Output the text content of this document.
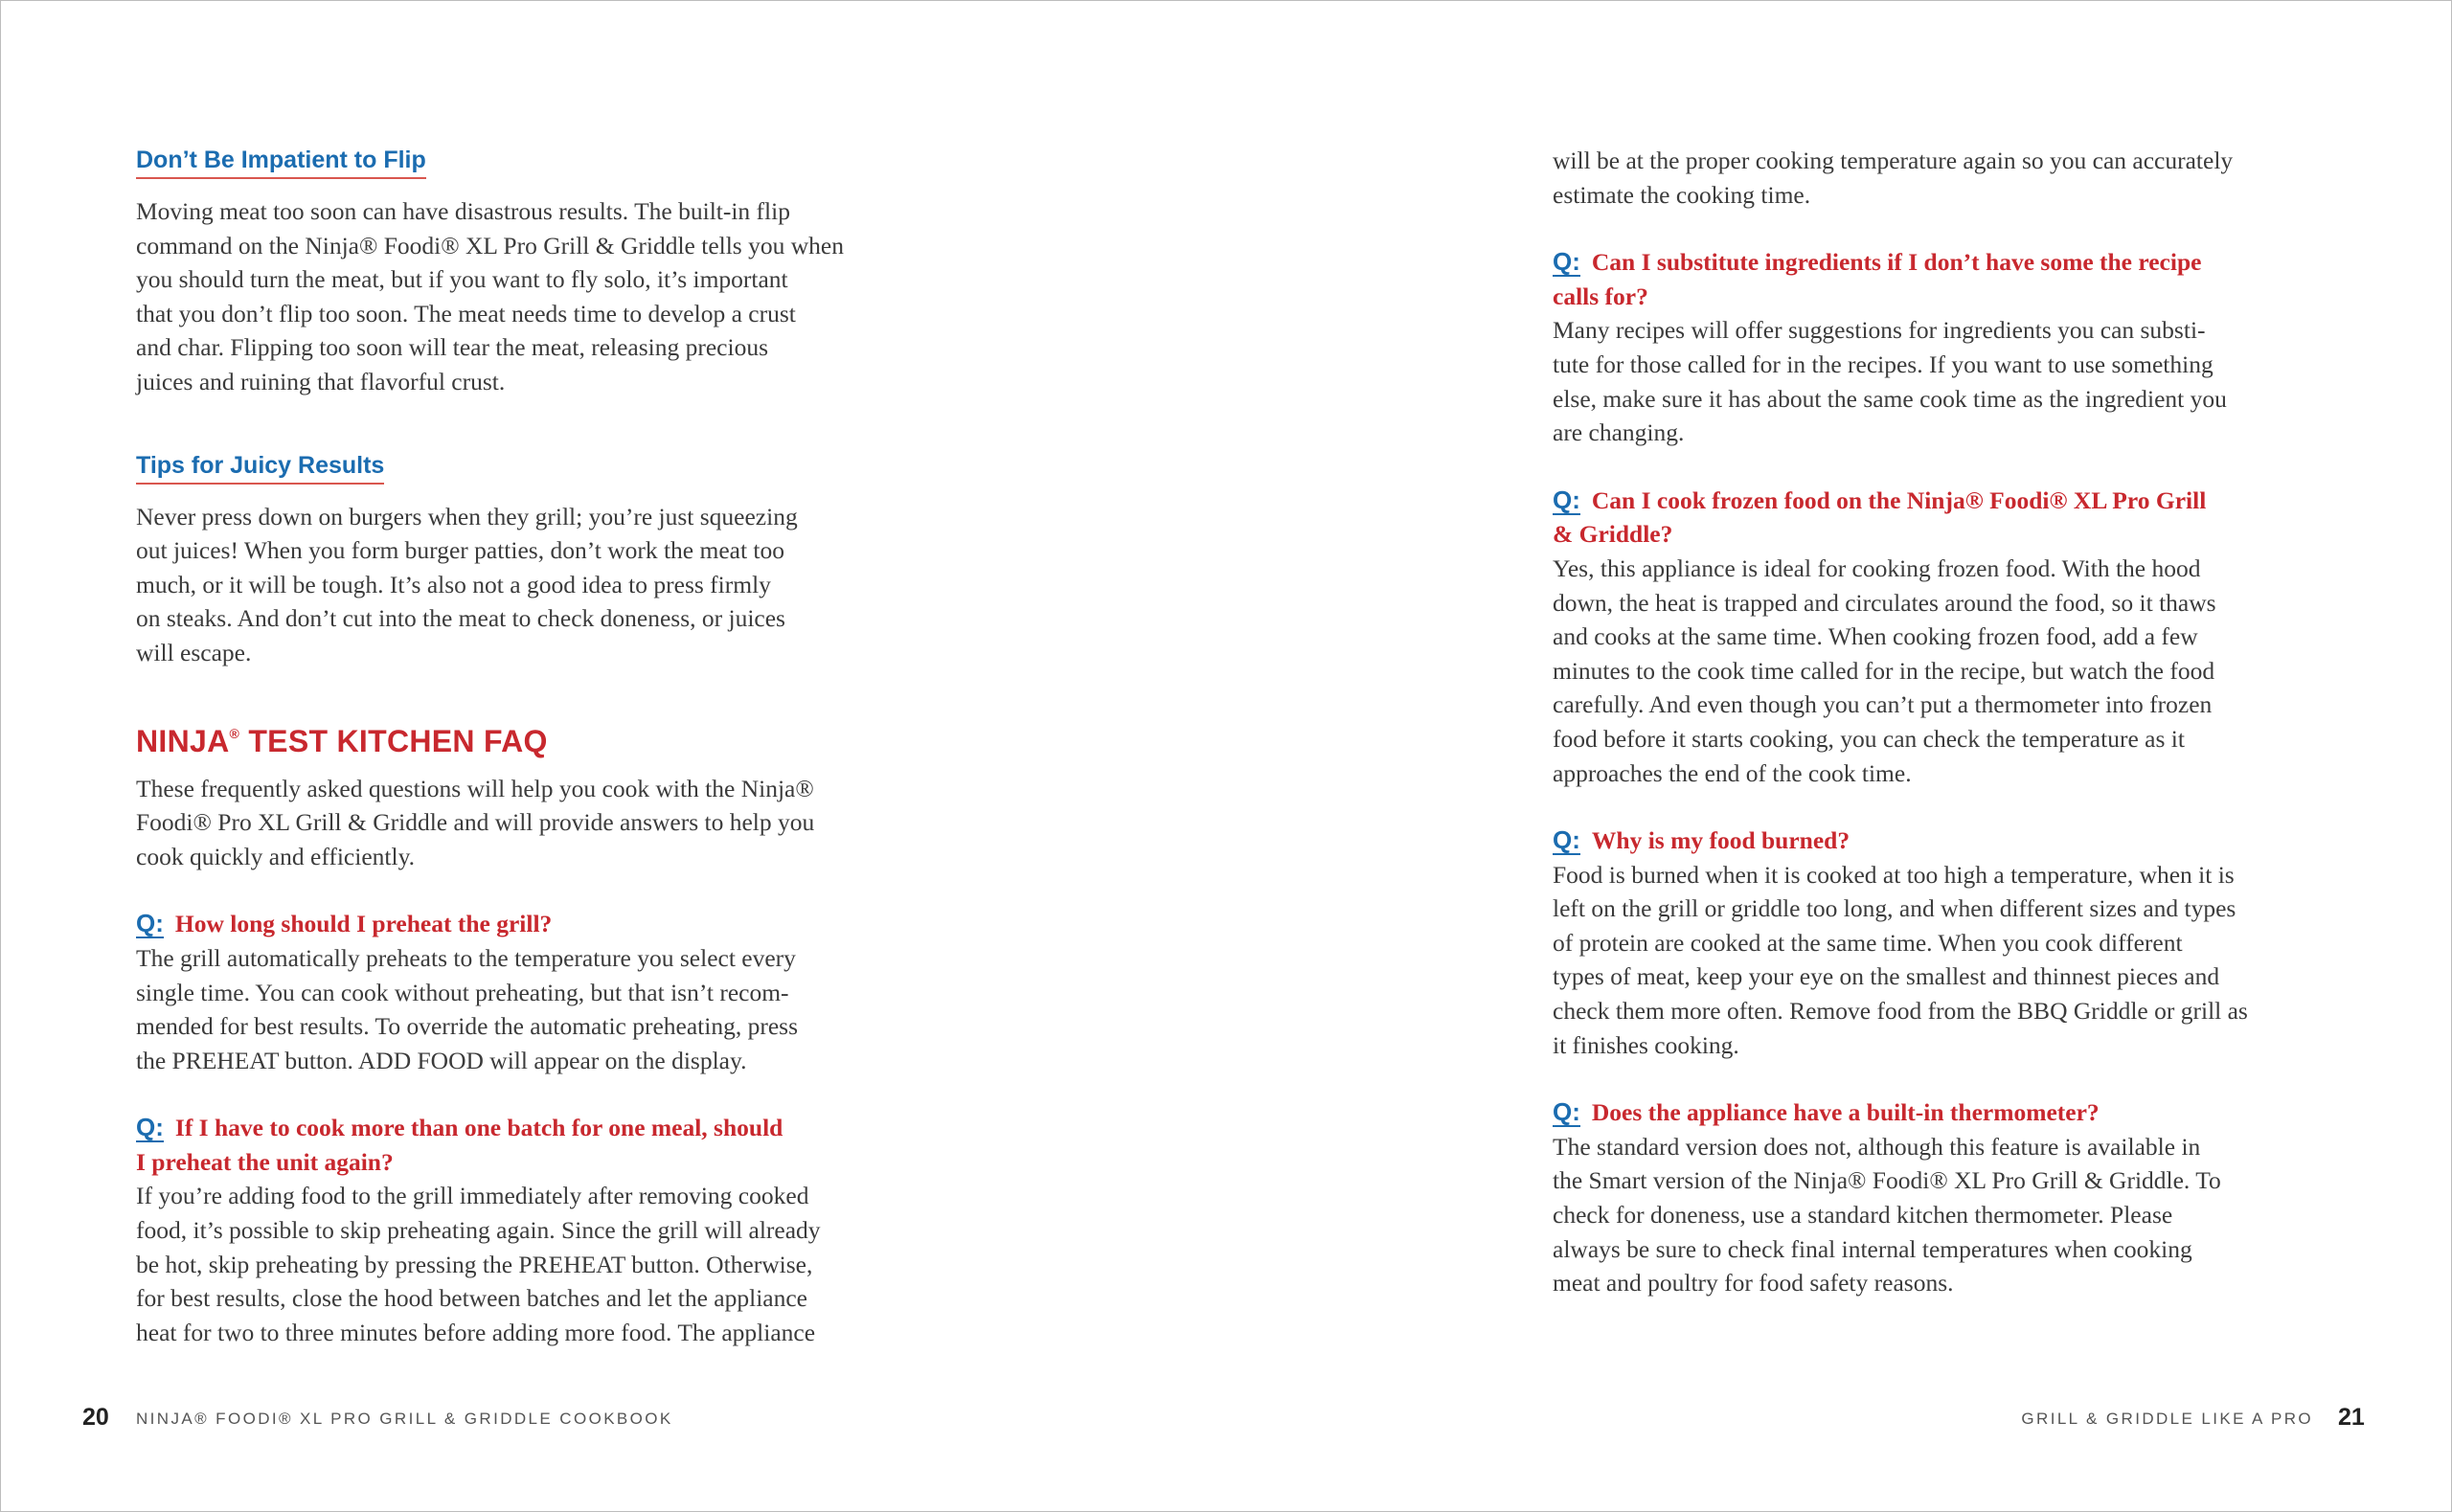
Don’t Be Impatient to Flip
Moving meat too soon can have disastrous results. The built-in flip
command on the Ninja® Foodi® XL Pro Grill & Griddle tells you when
you should turn the meat, but if you want to fly solo, it’s important
that you don’t flip too soon. The meat needs time to develop a crust
and char. Flipping too soon will tear the meat, releasing precious
juices and ruining that flavorful crust.
Tips for Juicy Results
Never press down on burgers when they grill; you’re just squeezing
out juices! When you form burger patties, don’t work the meat too
much, or it will be tough. It’s also not a good idea to press firmly
on steaks. And don’t cut into the meat to check doneness, or juices
will escape.
NINJA® TEST KITCHEN FAQ
These frequently asked questions will help you cook with the Ninja®
Foodi® Pro XL Grill & Griddle and will provide answers to help you
cook quickly and efficiently.
Q: How long should I preheat the grill?
The grill automatically preheats to the temperature you select every
single time. You can cook without preheating, but that isn’t recom-
mended for best results. To override the automatic preheating, press
the PREHEAT button. ADD FOOD will appear on the display.
Q: If I have to cook more than one batch for one meal, should
I preheat the unit again?
If you’re adding food to the grill immediately after removing cooked
food, it’s possible to skip preheating again. Since the grill will already
be hot, skip preheating by pressing the PREHEAT button. Otherwise,
for best results, close the hood between batches and let the appliance
heat for two to three minutes before adding more food. The appliance
will be at the proper cooking temperature again so you can accurately
estimate the cooking time.
Q: Can I substitute ingredients if I don’t have some the recipe
calls for?
Many recipes will offer suggestions for ingredients you can substi-
tute for those called for in the recipes. If you want to use something
else, make sure it has about the same cook time as the ingredient you
are changing.
Q: Can I cook frozen food on the Ninja® Foodi® XL Pro Grill
& Griddle?
Yes, this appliance is ideal for cooking frozen food. With the hood
down, the heat is trapped and circulates around the food, so it thaws
and cooks at the same time. When cooking frozen food, add a few
minutes to the cook time called for in the recipe, but watch the food
carefully. And even though you can’t put a thermometer into frozen
food before it starts cooking, you can check the temperature as it
approaches the end of the cook time.
Q: Why is my food burned?
Food is burned when it is cooked at too high a temperature, when it is
left on the grill or griddle too long, and when different sizes and types
of protein are cooked at the same time. When you cook different
types of meat, keep your eye on the smallest and thinnest pieces and
check them more often. Remove food from the BBQ Griddle or grill as
it finishes cooking.
Q: Does the appliance have a built-in thermometer?
The standard version does not, although this feature is available in
the Smart version of the Ninja® Foodi® XL Pro Grill & Griddle. To
check for doneness, use a standard kitchen thermometer. Please
always be sure to check final internal temperatures when cooking
meat and poultry for food safety reasons.
20 NINJA® FOODI® XL PRO GRILL & GRIDDLE COOKBOOK	GRILL & GRIDDLE LIKE A PRO 21
